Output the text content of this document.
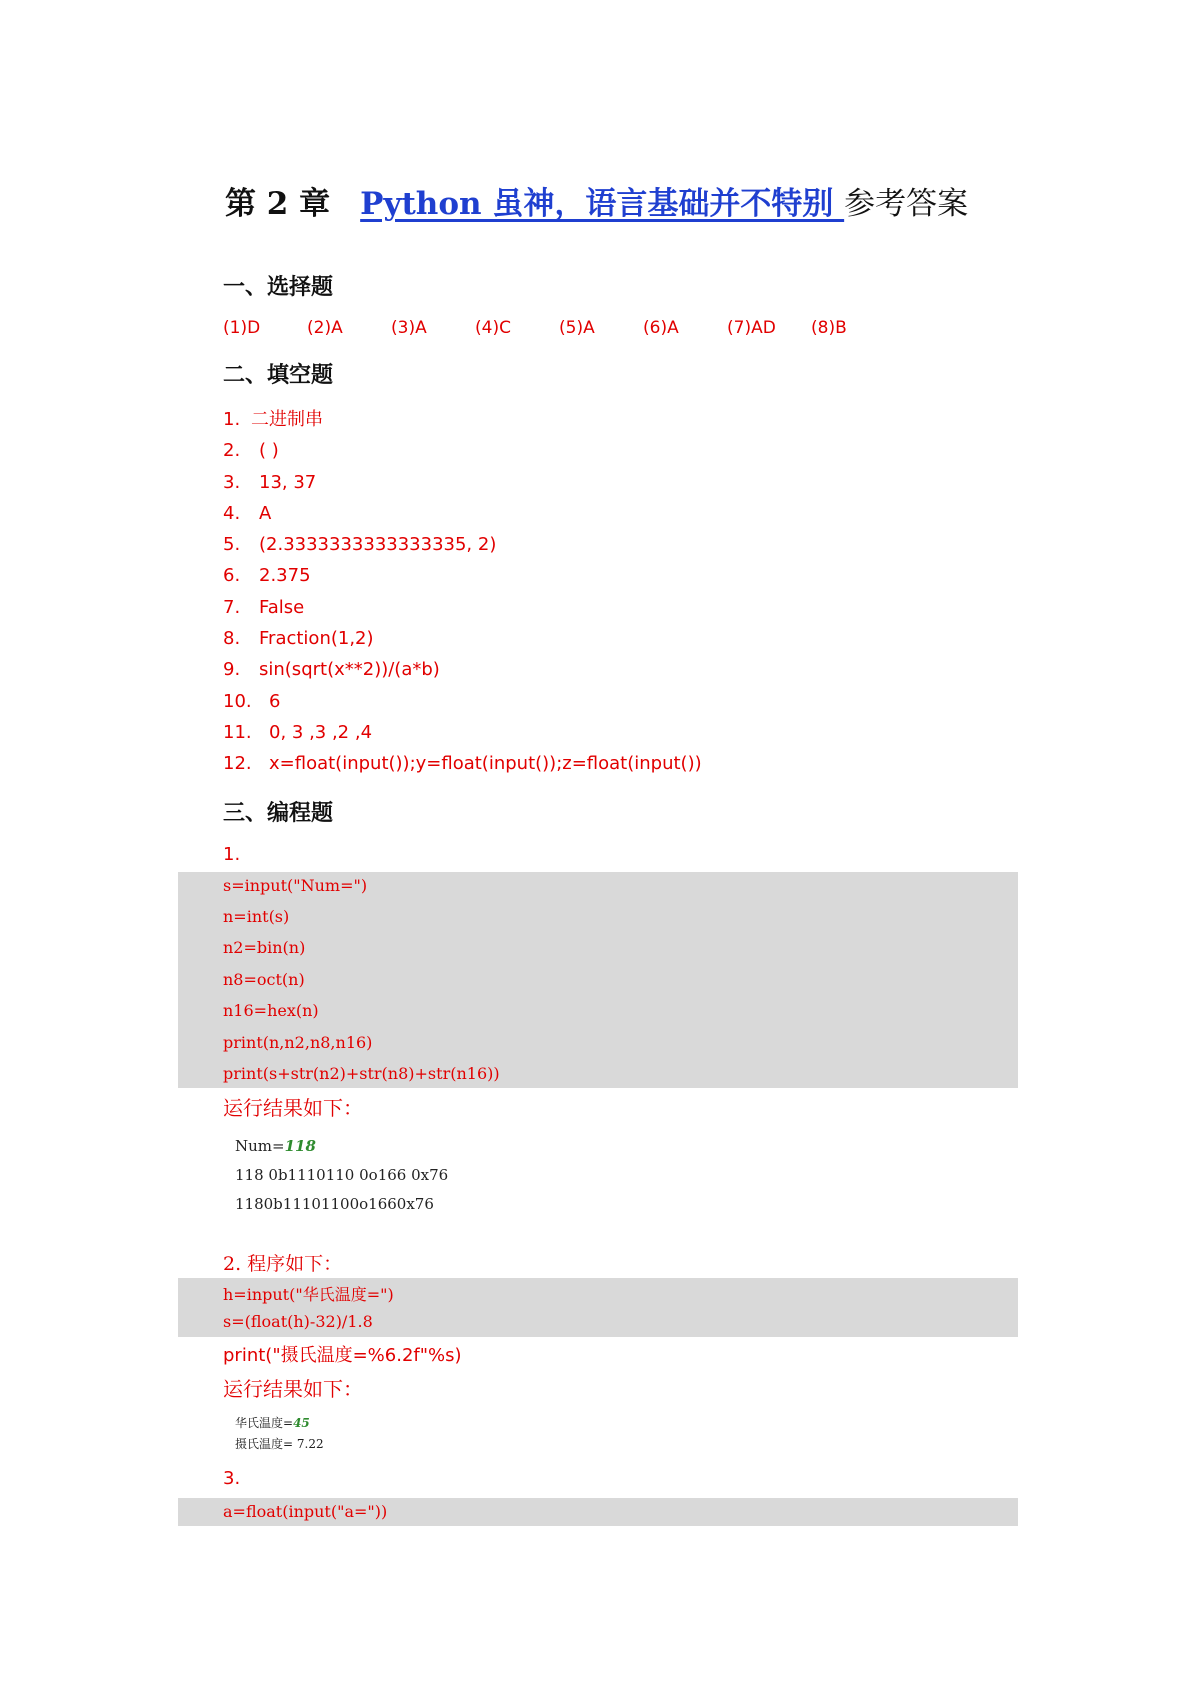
第 2 章 Python 虽神，语言基础并不特别 参考答案
一、选择题
(1)D	(2)A	(3)A	(4)C	(5)A	(6)A	(7)AD (8)B
二、填空题
1. 二进制串
2. ( )
3. 13, 37
4. A
5. (2.3333333333333335, 2)
6. 2.375
7. False
8. Fraction(1,2)
9. sin(sqrt(x**2))/(a*b)
10. 6
11. 0, 3 ,3 ,2 ,4
12. x=float(input());y=float(input());z=float(input())
三、编程题
1.
s=input("Num=")
n=int(s)
n2=bin(n)
n8=oct(n)
n16=hex(n)
print(n,n2,n8,n16)
print(s+str(n2)+str(n8)+str(n16))
运行结果如下：
Num=118
118 0b1110110 0o166 0x76
1180b11101100o1660x76
2. 程序如下：
h=input("华氏温度=")
s=(float(h)-32)/1.8
print("摄氏温度=%6.2f"%s)
运行结果如下：
华氏温度=45
摄氏温度= 7.22
3.
a=float(input("a="))
